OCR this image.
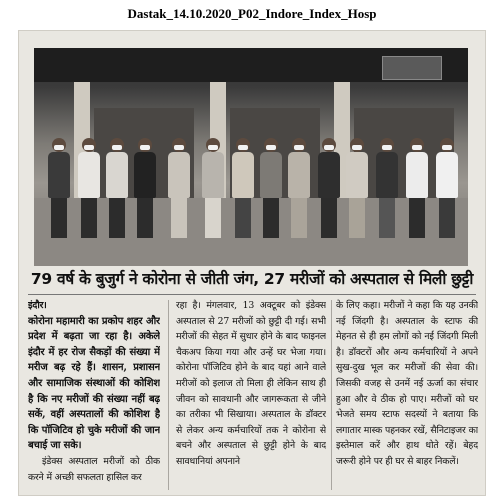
Dastak_14.10.2020_P02_Indore_Index_Hosp
79 वर्ष के बुजुर्ग ने कोरोना से जीती जंग, 27 मरीजों को अस्पताल से मिली छुट्टी
इंदौर।
कोरोना महामारी का प्रकोप शहर और प्रदेश में बढ़ता जा रहा है। अकेले इंदौर में हर रोज सैकड़ों की संख्या में मरीज बढ़ रहे हैं। शासन, प्रशासन और सामाजिक संस्थाओं की कोशिश है कि नए मरीजों की संख्या नहीं बढ़ सकें, वहीं अस्पतालों की कोशिश है कि पॉजिटिव हो चुके मरीजों की जान बचाई जा सके।
इंडेक्स अस्पताल मरीजों को ठीक करने में अच्छी सफलता हासिल कर
रहा है। मंगलवार, 13 अक्टूबर को इंडेक्स अस्पताल से 27 मरीजों को छुट्टी दी गई। सभी मरीजों की सेहत में सुधार होने के बाद फाइनल चैकअप किया गया और उन्हें घर भेजा गया। कोरोना पॉजिटिव होने के बाद यहां आने वाले मरीजों को इलाज तो मिला ही लेकिन साथ ही जीवन को सावधानी और जागरूकता से जीने का तरीका भी सिखाया। अस्पताल के डॉक्टर से लेकर अन्य कर्मचारियों तक ने कोरोना से बचने और अस्पताल से छुट्टी होने के बाद सावधानियां अपनाने
के लिए कहा। मरीजों ने कहा कि यह उनकी नई जिंदगी है। अस्पताल के स्टाफ की मेहनत से ही हम लोगों को नई जिंदगी मिली है। डॉक्टरों और अन्य कर्मचारियों ने अपने सुख-दुख भूल कर मरीजों की सेवा की। जिसकी वजह से उनमें नई ऊर्जा का संचार हुआ और वे ठीक हो पाए। मरीजों को घर भेजते समय स्टाफ सदस्यों ने बताया कि लगातार मास्क पहनकर रखें, सैनिटाइजर का इस्तेमाल करें और हाथ धोते रहें। बेहद जरूरी होने पर ही घर से बाहर निकलें।
